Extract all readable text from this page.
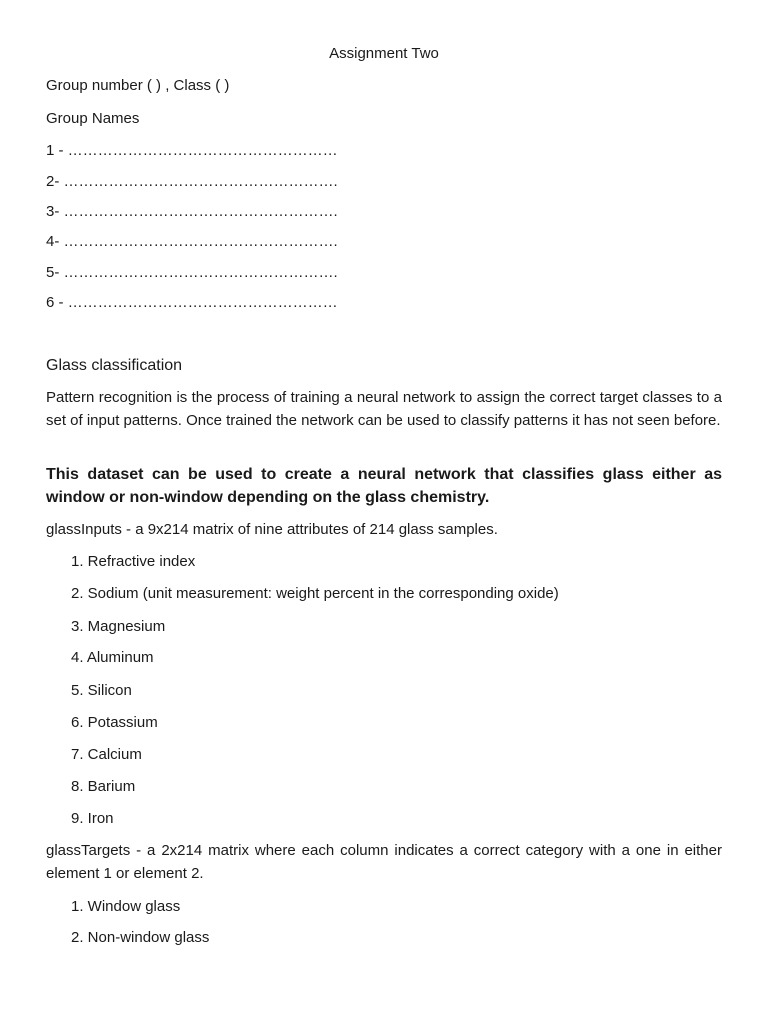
Assignment Two
Group number ( ) , Class ( )
Group Names
1 - ………………………………………………
2- ……………………………………………….
3- ……………………………………………….
4- ……………………………………………….
5- ……………………………………………….
6 - ………………………………………………
Glass classification
Pattern recognition is the process of training a neural network to assign the correct target classes to a set of input patterns. Once trained the network can be used to classify patterns it has not seen before.
This dataset can be used to create a neural network that classifies glass either as window or non-window depending on the glass chemistry.
glassInputs - a 9x214 matrix of nine attributes of 214 glass samples.
1. Refractive index
2. Sodium (unit measurement: weight percent in the corresponding oxide)
3. Magnesium
4. Aluminum
5. Silicon
6. Potassium
7. Calcium
8. Barium
9. Iron
glassTargets - a 2x214 matrix where each column indicates a correct category with a one in either element 1 or element 2.
1. Window glass
2. Non-window glass
